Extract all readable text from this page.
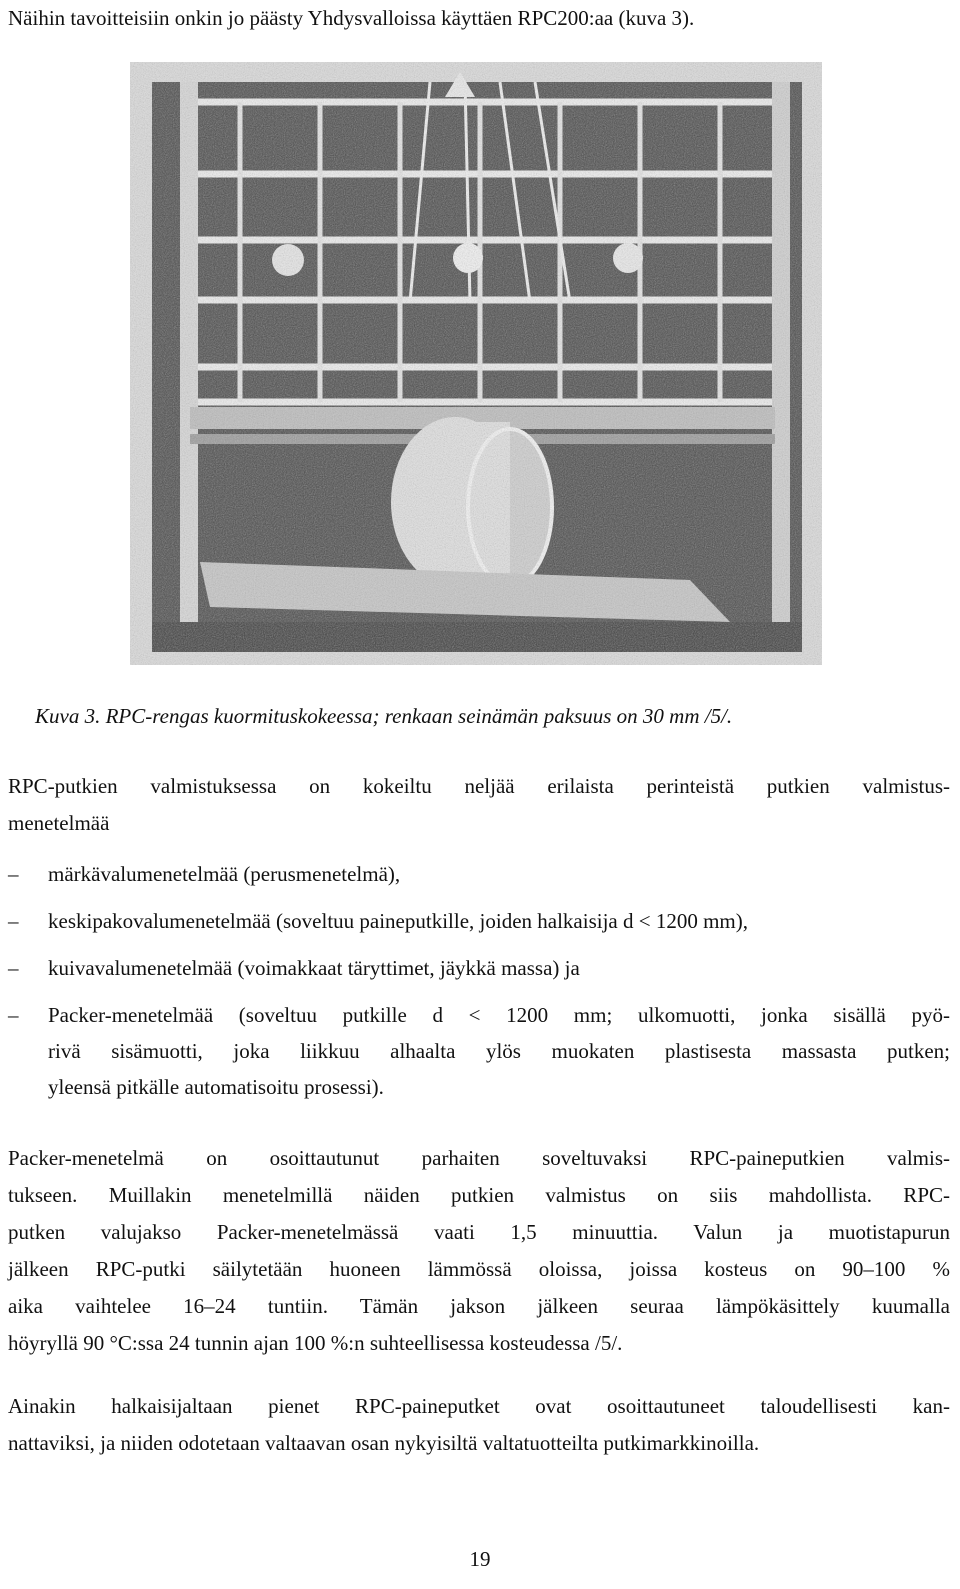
Näihin tavoitteisiin onkin jo päästy Yhdysvalloissa käyttäen RPC200:aa (kuva 3).
Kuva 3. RPC-rengas kuormituskokeessa; renkaan seinämän paksuus on 30 mm /5/.
RPC-putkien valmistuksessa on kokeiltu neljää erilaista perinteistä putkien valmistus-
menetelmää
– märkävalumenetelmää (perusmenetelmä),
– keskipakovalumenetelmää (soveltuu paineputkille, joiden halkaisija d < 1200 mm),
– kuivavalumenetelmää (voimakkaat täryttimet, jäykkä massa) ja
– Packer-menetelmää (soveltuu putkille d < 1200 mm; ulkomuotti, jonka sisällä pyö-
rivä sisämuotti, joka liikkuu alhaalta ylös muokaten plastisesta massasta putken;
yleensä pitkälle automatisoitu prosessi).
Packer-menetelmä on osoittautunut parhaiten soveltuvaksi RPC-paineputkien valmis-
tukseen. Muillakin menetelmillä näiden putkien valmistus on siis mahdollista. RPC-
putken valujakso Packer-menetelmässä vaati 1,5 minuuttia. Valun ja muotistapurun
jälkeen RPC-putki säilytetään huoneen lämmössä oloissa, joissa kosteus on 90–100 %
aika vaihtelee 16–24 tuntiin. Tämän jakson jälkeen seuraa lämpökäsittely kuumalla
höyryllä 90 °C:ssa 24 tunnin ajan 100 %:n suhteellisessa kosteudessa /5/.
Ainakin halkaisijaltaan pienet RPC-paineputket ovat osoittautuneet taloudellisesti kan-
nattaviksi, ja niiden odotetaan valtaavan osan nykyisiltä valtatuotteilta putkimarkkinoilla.
19
